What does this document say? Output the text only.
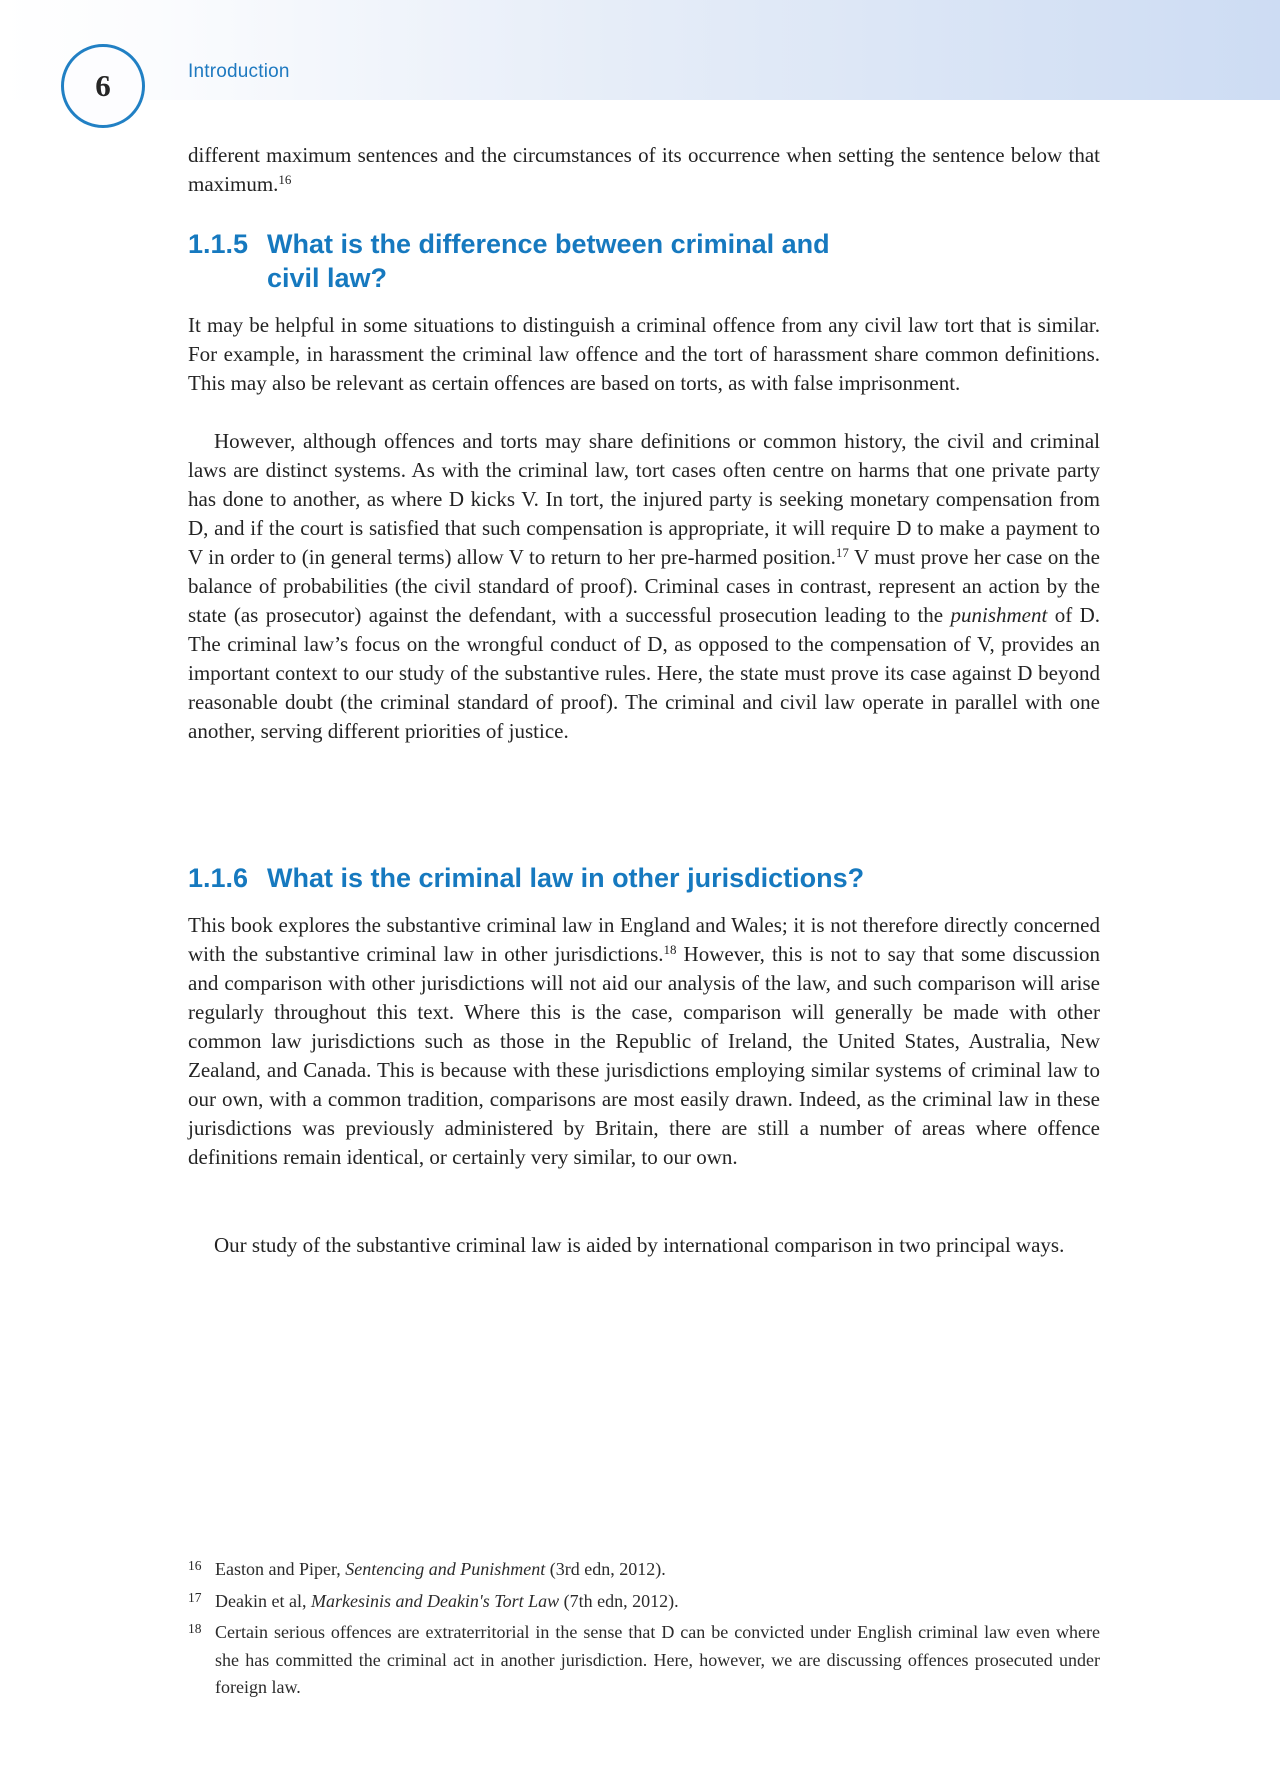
6	Introduction
different maximum sentences and the circumstances of its occurrence when setting the sentence below that maximum.$^{16}$
1.1.5 What is the difference between criminal and
civil law?
It may be helpful in some situations to distinguish a criminal offence from any civil law tort that is similar. For example, in harassment the criminal law offence and the tort of harassment share common definitions. This may also be relevant as certain offences are based on torts, as with false imprisonment.
However, although offences and torts may share definitions or common history, the civil and criminal laws are distinct systems. As with the criminal law, tort cases often centre on harms that one private party has done to another, as where D kicks V. In tort, the injured party is seeking monetary compensation from D, and if the court is satisfied that such compensation is appropriate, it will require D to make a payment to V in order to (in general terms) allow V to return to her pre-harmed position.$^{17}$ V must prove her case on the balance of probabilities (the civil standard of proof). Criminal cases in contrast, represent an action by the state (as prosecutor) against the defendant, with a successful prosecution leading to the punishment of D. The criminal law’s focus on the wrongful conduct of D, as opposed to the compensation of V, provides an important context to our study of the substantive rules. Here, the state must prove its case against D beyond reasonable doubt (the criminal standard of proof). The criminal and civil law operate in parallel with one another, serving different priorities of justice.
1.1.6 What is the criminal law in other jurisdictions?
This book explores the substantive criminal law in England and Wales; it is not therefore directly concerned with the substantive criminal law in other jurisdictions.$^{18}$ However, this is not to say that some discussion and comparison with other jurisdictions will not aid our analysis of the law, and such comparison will arise regularly throughout this text. Where this is the case, comparison will generally be made with other common law jurisdictions such as those in the Republic of Ireland, the United States, Australia, New Zealand, and Canada. This is because with these jurisdictions employing similar systems of criminal law to our own, with a common tradition, comparisons are most easily drawn. Indeed, as the criminal law in these jurisdictions was previously administered by Britain, there are still a number of areas where offence definitions remain identical, or certainly very similar, to our own.
Our study of the substantive criminal law is aided by international comparison in two principal ways.
16 Easton and Piper, Sentencing and Punishment (3rd edn, 2012).
17 Deakin et al, Markesinis and Deakin's Tort Law (7th edn, 2012).
18 Certain serious offences are extraterritorial in the sense that D can be convicted under English criminal law even where she has committed the criminal act in another jurisdiction. Here, however, we are discussing offences prosecuted under foreign law.
